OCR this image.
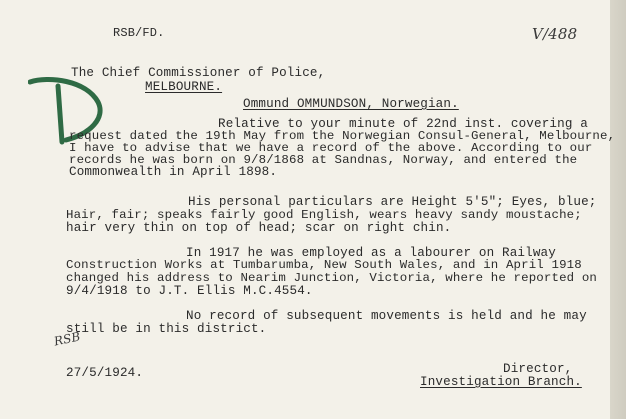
RSB/FD.	V/488
The Chief Commissioner of Police,
MELBOURNE.
Ommund OMMUNDSON, Norwegian.
Relative to your minute of 22nd inst. covering a
request dated the 19th May from the Norwegian Consul-General, Melbourne,
I have to advise that we have a record of the above. According to our
records he was born on 9/8/1868 at Sandnas, Norway, and entered the
Commonwealth in April 1898.
His personal particulars are Height 5'5"; Eyes, blue;
Hair, fair; speaks fairly good English, wears heavy sandy moustache;
hair very thin on top of head; scar on right chin.
In 1917 he was employed as a labourer on Railway
Construction Works at Tumbarumba, New South Wales, and in April 1918
changed his address to Nearim Junction, Victoria, where he reported on
9/4/1918 to J.T. Ellis M.C.4554.
No record of subsequent movements is held and he may
still be in this district.
RSB
27/5/1924.	Director,
Investigation Branch.
